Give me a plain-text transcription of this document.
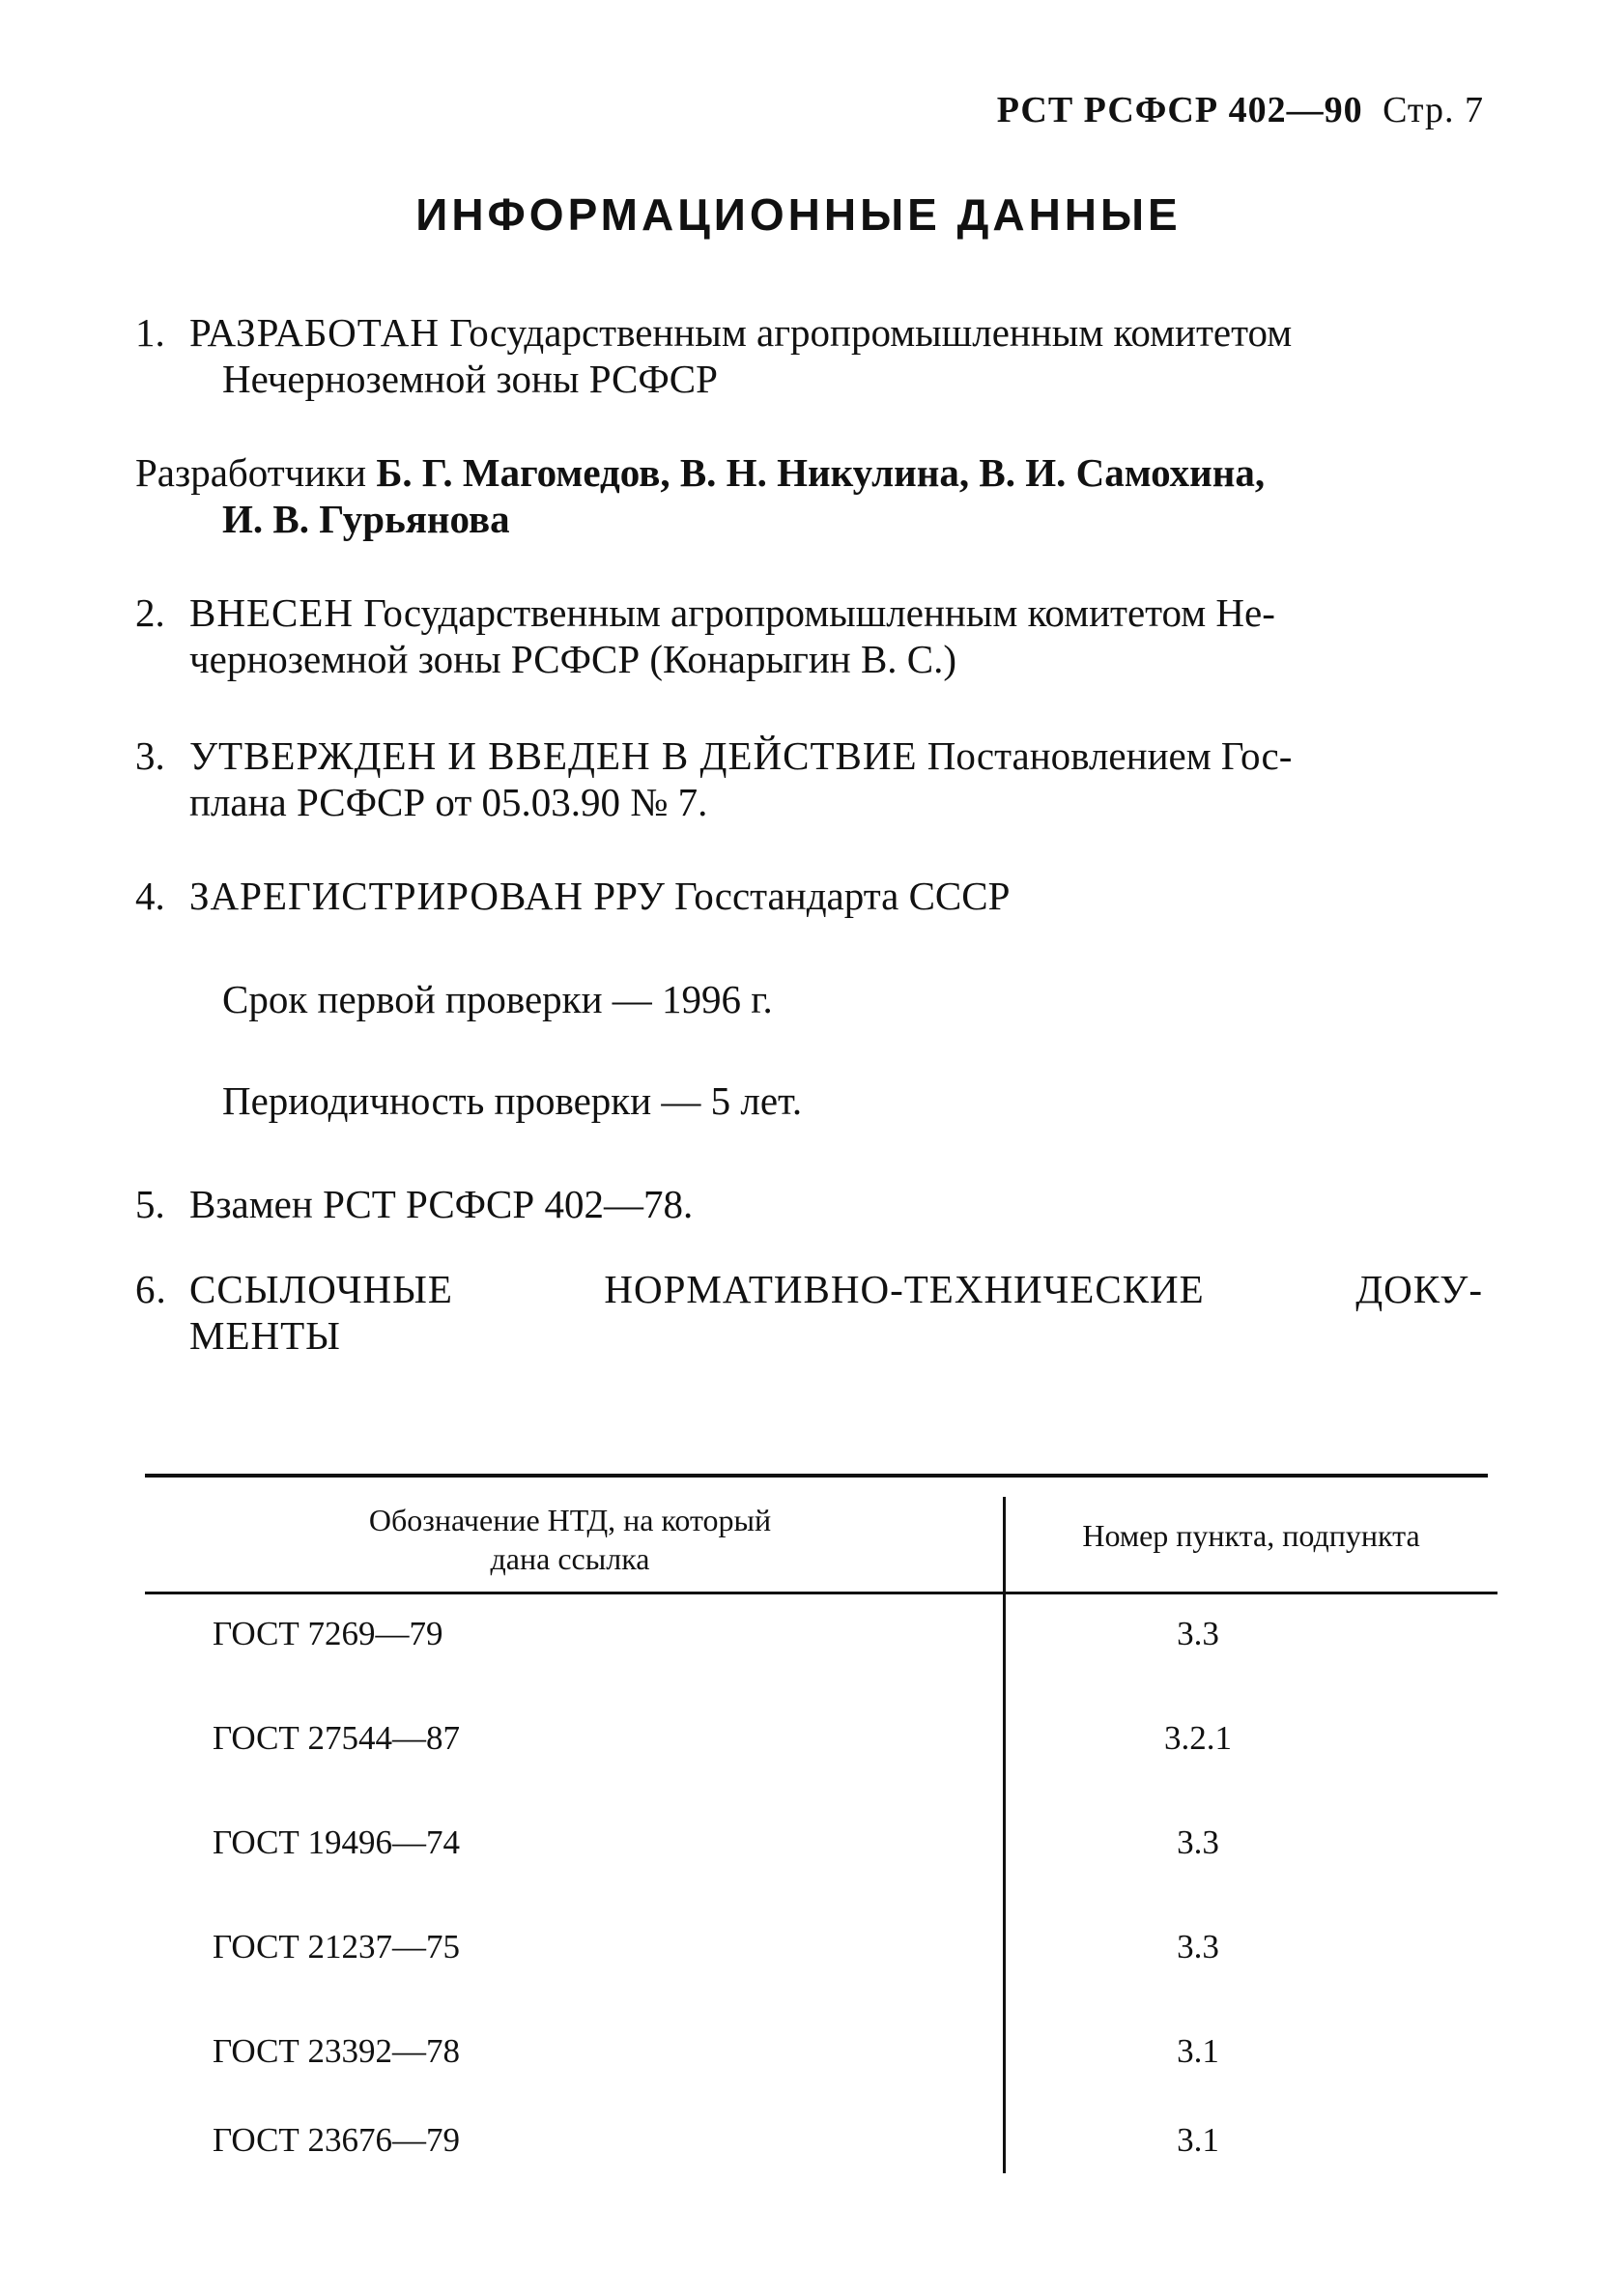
РСТ РСФСР 402—90 Стр. 7
ИНФОРМАЦИОННЫЕ ДАННЫЕ
1. РАЗРАБОТАН Государственным агропромышленным комитетом
Нечерноземной зоны РСФСР
Разработчики Б. Г. Магомедов, В. Н. Никулина, В. И. Самохина,
И. В. Гурьянова
2. ВНЕСЕН Государственным агропромышленным комитетом Не-
черноземной зоны РСФСР (Конарыгин В. С.)
3. УТВЕРЖДЕН И ВВЕДЕН В ДЕЙСТВИЕ Постановлением Гос-
плана РСФСР от 05.03.90 № 7.
4. ЗАРЕГИСТРИРОВАН РРУ Госстандарта СССР
Срок первой проверки — 1996 г.
Периодичность проверки — 5 лет.
5. Взамен РСТ РСФСР 402—78.
6. ССЫЛОЧНЫЕ	НОРМАТИВНО-ТЕХНИЧЕСКИЕ	ДОКУ-
МЕНТЫ
Обозначение НТД, на который
дана ссылка
Номер пункта, подпункта
ГОСТ 7269—79	3.3
ГОСТ 27544—87	3.2.1
ГОСТ 19496—74	3.3
ГОСТ 21237—75	3.3
ГОСТ 23392—78	3.1
ГОСТ 23676—79	3.1
